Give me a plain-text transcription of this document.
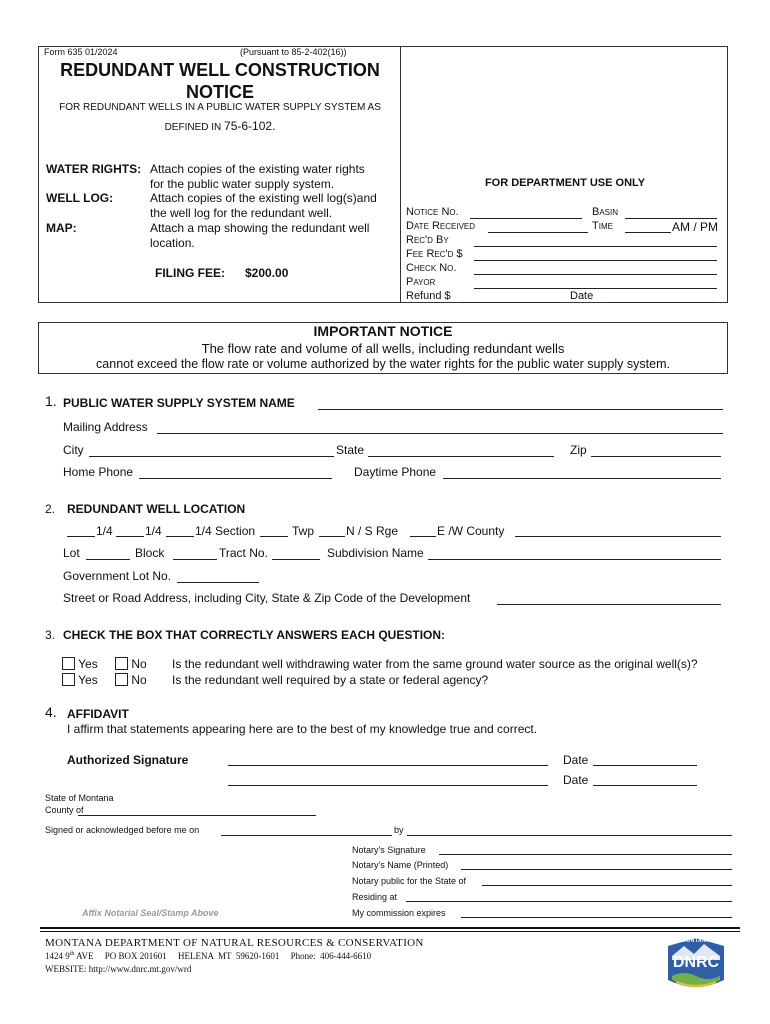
Form 635 01/2024	(Pursuant to 85-2-402(16))
REDUNDANT WELL CONSTRUCTION
NOTICE
FOR REDUNDANT WELLS IN A PUBLIC WATER SUPPLY SYSTEM AS
DEFINED IN 75-6-102.
WATER RIGHTS: Attach copies of the existing water rights
for the public water supply system.
WELL LOG:	Attach copies of the existing well log(s)and
the well log for the redundant well.
MAP:	Attach a map showing the redundant well
location.
FILING FEE: $200.00
FOR DEPARTMENT USE ONLY
Notice No.	Basin
Date Received	Time	AM / PM
Rec'd By
Fee Rec'd $
Check No.
Payor
Refund $	Date
IMPORTANT NOTICE
The flow rate and volume of all wells, including redundant wells
cannot exceed the flow rate or volume authorized by the water rights for the public water supply system.
1. PUBLIC WATER SUPPLY SYSTEM NAME
Mailing Address
City	State	Zip
Home Phone	Daytime Phone
2. REDUNDANT WELL LOCATION
1/4	1/4	1/4 Section	Twp	N / S Rge	E /W County
Lot	Block	Tract No.	Subdivision Name
Government Lot No.
Street or Road Address, including City, State & Zip Code of the Development
3. CHECK THE BOX THAT CORRECTLY ANSWERS EACH QUESTION:
Yes	No Is the redundant well withdrawing water from the same ground water source as the original well(s)?
Yes	No Is the redundant well required by a state or federal agency?
4. AFFIDAVIT
I affirm that statements appearing here are to the best of my knowledge true and correct.
Authorized Signature	Date
Date
State of Montana
County of
Signed or acknowledged before me on	by
Notary's Signature
Notary's Name (Printed)
Notary public for the State of
Residing at
My commission expires
Affix Notarial Seal/Stamp Above
MONTANA DEPARTMENT OF NATURAL RESOURCES & CONSERVATION
1424 9th AVE     PO BOX 201601     HELENA  MT  59620-1601     Phone:  406-444-6610
WEBSITE: http://www.dnrc.mt.gov/wrd
MONTANA
DNRC
